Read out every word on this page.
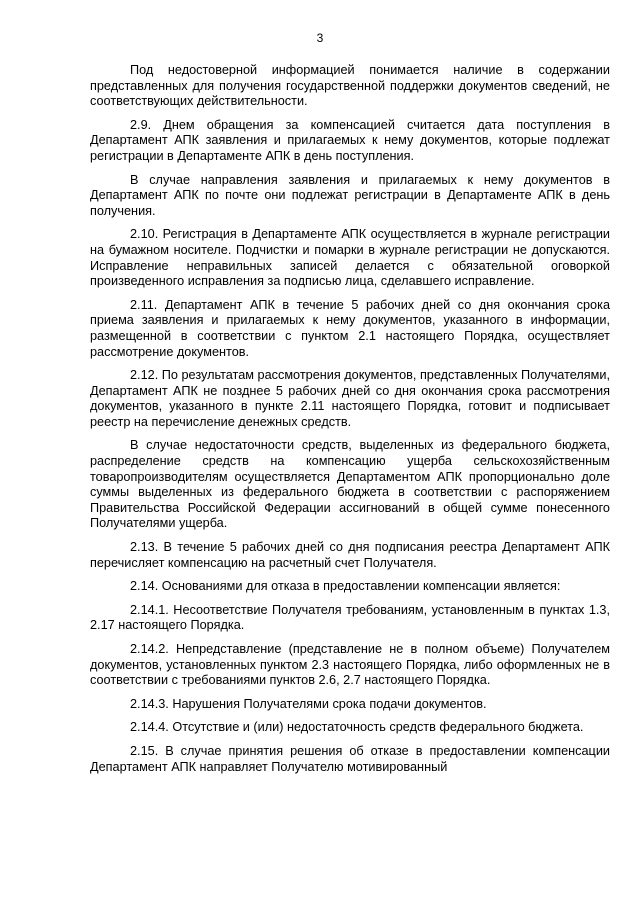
3

Под недостоверной информацией понимается наличие в содержании представленных для получения государственной поддержки документов сведений, не соответствующих действительности.

2.9. Днем обращения за компенсацией считается дата поступления в Департамент АПК заявления и прилагаемых к нему документов, которые подлежат регистрации в Департаменте АПК в день поступления.

В случае направления заявления и прилагаемых к нему документов в Департамент АПК по почте они подлежат регистрации в Департаменте АПК в день получения.

2.10. Регистрация в Департаменте АПК осуществляется в журнале регистрации на бумажном носителе. Подчистки и помарки в журнале регистрации не допускаются. Исправление неправильных записей делается с обязательной оговоркой произведенного исправления за подписью лица, сделавшего исправление.

2.11. Департамент АПК в течение 5 рабочих дней со дня окончания срока приема заявления и прилагаемых к нему документов, указанного в информации, размещенной в соответствии с пунктом 2.1 настоящего Порядка, осуществляет рассмотрение документов.

2.12. По результатам рассмотрения документов, представленных Получателями, Департамент АПК не позднее 5 рабочих дней со дня окончания срока рассмотрения документов, указанного в пункте 2.11 настоящего Порядка, готовит и подписывает реестр на перечисление денежных средств.

В случае недостаточности средств, выделенных из федерального бюджета, распределение средств на компенсацию ущерба сельскохозяйственным товаропроизводителям осуществляется Департаментом АПК пропорционально доле суммы выделенных из федерального бюджета в соответствии с распоряжением Правительства Российской Федерации ассигнований в общей сумме понесенного Получателями ущерба.

2.13. В течение 5 рабочих дней со дня подписания реестра Департамент АПК перечисляет компенсацию на расчетный счет Получателя.

2.14. Основаниями для отказа в предоставлении компенсации является:

2.14.1. Несоответствие Получателя требованиям, установленным в пунктах 1.3, 2.17 настоящего Порядка.

2.14.2. Непредставление (представление не в полном объеме) Получателем документов, установленных пунктом 2.3 настоящего Порядка, либо оформленных не в соответствии с требованиями пунктов 2.6, 2.7 настоящего Порядка.

2.14.3. Нарушения Получателями срока подачи документов.

2.14.4. Отсутствие и (или) недостаточность средств федерального бюджета.

2.15. В случае принятия решения об отказе в предоставлении компенсации Департамент АПК направляет Получателю мотивированный
